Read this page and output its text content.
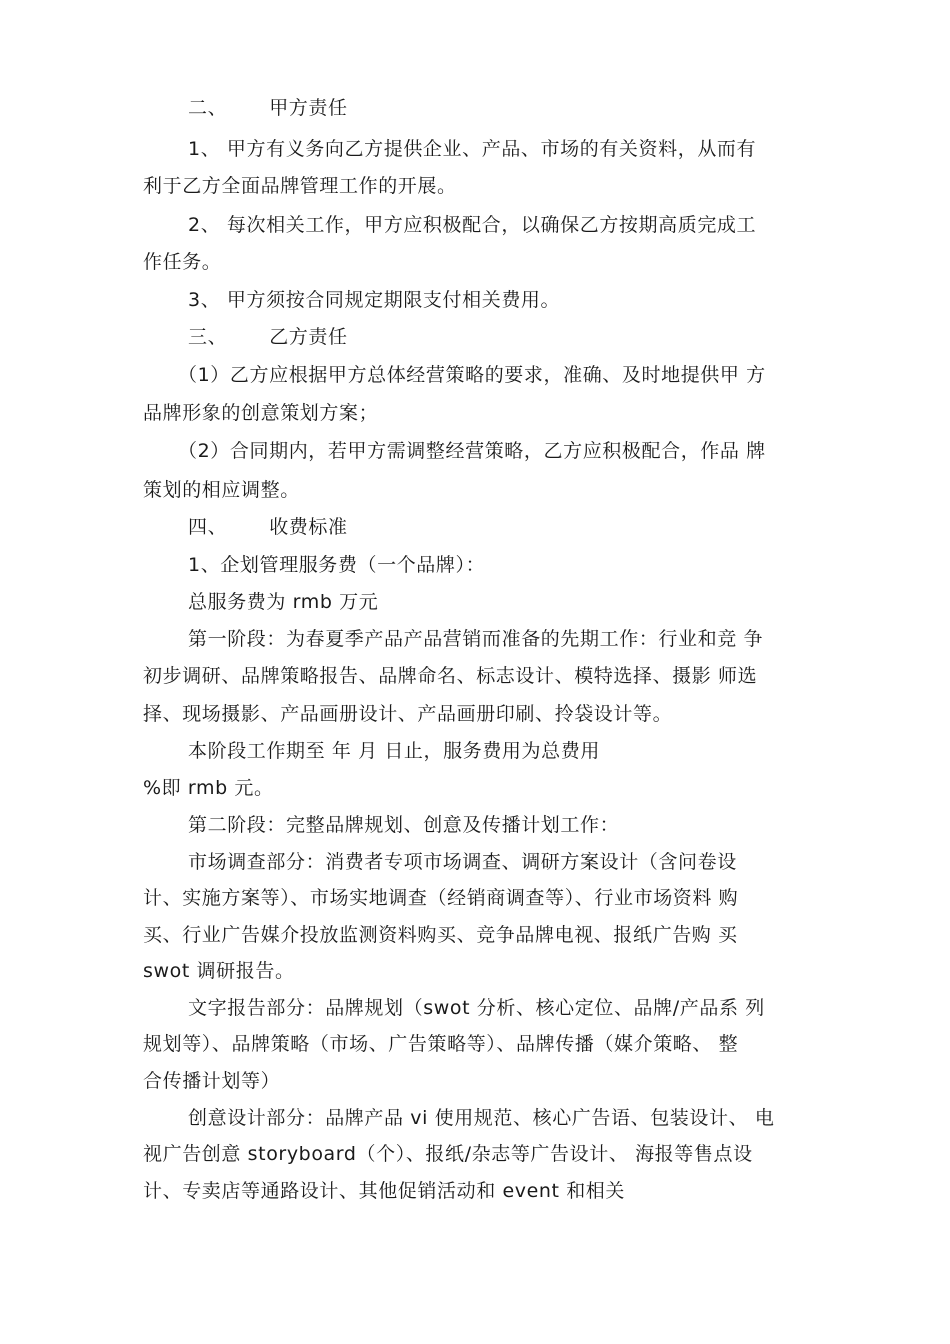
二、 甲方责任
1、 甲方有义务向乙方提供企业、产品、市场的有关资料，从而有
利于乙方全面品牌管理工作的开展。
2、 每次相关工作，甲方应积极配合，以确保乙方按期高质完成工
作任务。
3、 甲方须按合同规定期限支付相关费用。
三、 乙方责任
（1）乙方应根据甲方总体经营策略的要求，准确、及时地提供甲 方
品牌形象的创意策划方案；
（2）合同期内，若甲方需调整经营策略，乙方应积极配合，作品 牌
策划的相应调整。
四、 收费标准
1、企划管理服务费（一个品牌）：
总服务费为 rmb 万元
第一阶段：为春夏季产品产品营销而准备的先期工作：行业和竞 争
初步调研、品牌策略报告、品牌命名、标志设计、模特选择、摄影 师选
择、现场摄影、产品画册设计、产品画册印刷、拎袋设计等。
本阶段工作期至 年 月 日止，服务费用为总费用
%即 rmb 元。
第二阶段：完整品牌规划、创意及传播计划工作：
市场调查部分：消费者专项市场调查、调研方案设计（含问卷设
计、实施方案等）、市场实地调查（经销商调查等）、行业市场资料 购
买、行业广告媒介投放监测资料购买、竞争品牌电视、报纸广告购 买
swot 调研报告。
文字报告部分：品牌规划（swot 分析、核心定位、品牌/产品系 列
规划等）、品牌策略（市场、广告策略等）、品牌传播（媒介策略、 整
合传播计划等）
创意设计部分：品牌产品 vi 使用规范、核心广告语、包装设计、 电
视广告创意 storyboard（个）、报纸/杂志等广告设计、 海报等售点设
计、专卖店等通路设计、其他促销活动和 event 和相关
